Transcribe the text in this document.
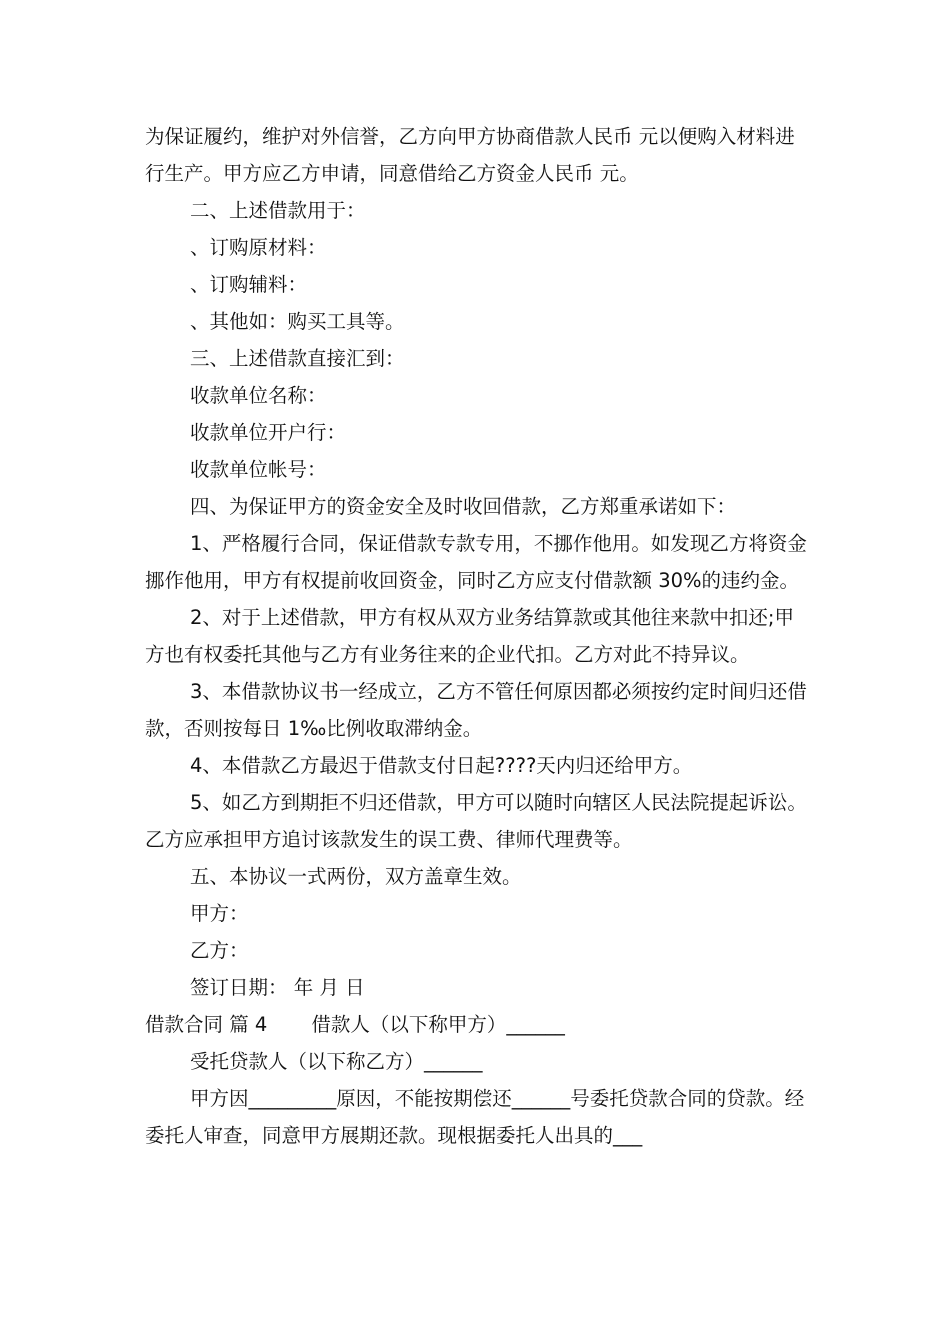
为保证履约，维护对外信誉，乙方向甲方协商借款人民币 元以便购入材料进行生产。甲方应乙方申请，同意借给乙方资金人民币 元。

二、上述借款用于：

、订购原材料：

、订购辅料：

、其他如：购买工具等。

三、上述借款直接汇到：

收款单位名称：

收款单位开户行：

收款单位帐号：

四、为保证甲方的资金安全及时收回借款，乙方郑重承诺如下：

1、严格履行合同，保证借款专款专用，不挪作他用。如发现乙方将资金挪作他用，甲方有权提前收回资金，同时乙方应支付借款额 30%的违约金。

2、对于上述借款，甲方有权从双方业务结算款或其他往来款中扣还;甲方也有权委托其他与乙方有业务往来的企业代扣。乙方对此不持异议。

3、本借款协议书一经成立，乙方不管任何原因都必须按约定时间归还借款，否则按每日 1‰比例收取滞纳金。

4、本借款乙方最迟于借款支付日起????天内归还给甲方。

5、如乙方到期拒不归还借款，甲方可以随时向辖区人民法院提起诉讼。乙方应承担甲方追讨该款发生的误工费、律师代理费等。

五、本协议一式两份，双方盖章生效。

甲方：

乙方：

签订日期： 年 月 日

借款合同 篇 4 借款人（以下称甲方）______

受托贷款人（以下称乙方）______

甲方因_________原因，不能按期偿还______号委托贷款合同的贷款。经委托人审查，同意甲方展期还款。现根据委托人出具的___
